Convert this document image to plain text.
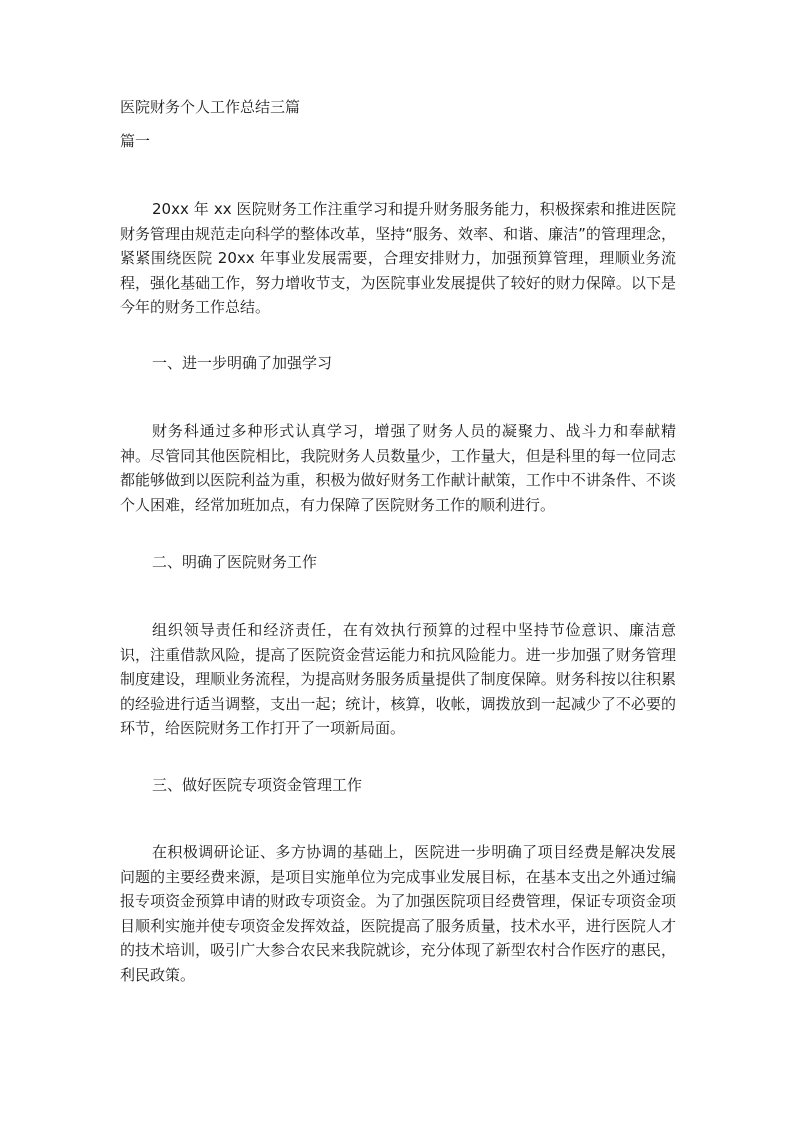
医院财务个人工作总结三篇
篇一
20xx 年 xx 医院财务工作注重学习和提升财务服务能力，积极探索和推进医院财务管理由规范走向科学的整体改革，坚持“服务、效率、和谐、廉洁”的管理理念，紧紧围绕医院 20xx 年事业发展需要，合理安排财力，加强预算管理，理顺业务流程，强化基础工作，努力增收节支，为医院事业发展提供了较好的财力保障。以下是今年的财务工作总结。
一、进一步明确了加强学习
财务科通过多种形式认真学习，增强了财务人员的凝聚力、战斗力和奉献精神。尽管同其他医院相比，我院财务人员数量少，工作量大，但是科里的每一位同志都能够做到以医院利益为重，积极为做好财务工作献计献策，工作中不讲条件、不谈个人困难，经常加班加点，有力保障了医院财务工作的顺利进行。
二、明确了医院财务工作
组织领导责任和经济责任，在有效执行预算的过程中坚持节俭意识、廉洁意识，注重借款风险，提高了医院资金营运能力和抗风险能力。进一步加强了财务管理制度建设，理顺业务流程，为提高财务服务质量提供了制度保障。财务科按以往积累的经验进行适当调整，支出一起；统计，核算，收帐，调拨放到一起减少了不必要的环节，给医院财务工作打开了一项新局面。
三、做好医院专项资金管理工作
在积极调研论证、多方协调的基础上，医院进一步明确了项目经费是解决发展问题的主要经费来源，是项目实施单位为完成事业发展目标，在基本支出之外通过编报专项资金预算申请的财政专项资金。为了加强医院项目经费管理，保证专项资金项目顺利实施并使专项资金发挥效益，医院提高了服务质量，技术水平，进行医院人才的技术培训，吸引广大参合农民来我院就诊，充分体现了新型农村合作医疗的惠民，利民政策。
